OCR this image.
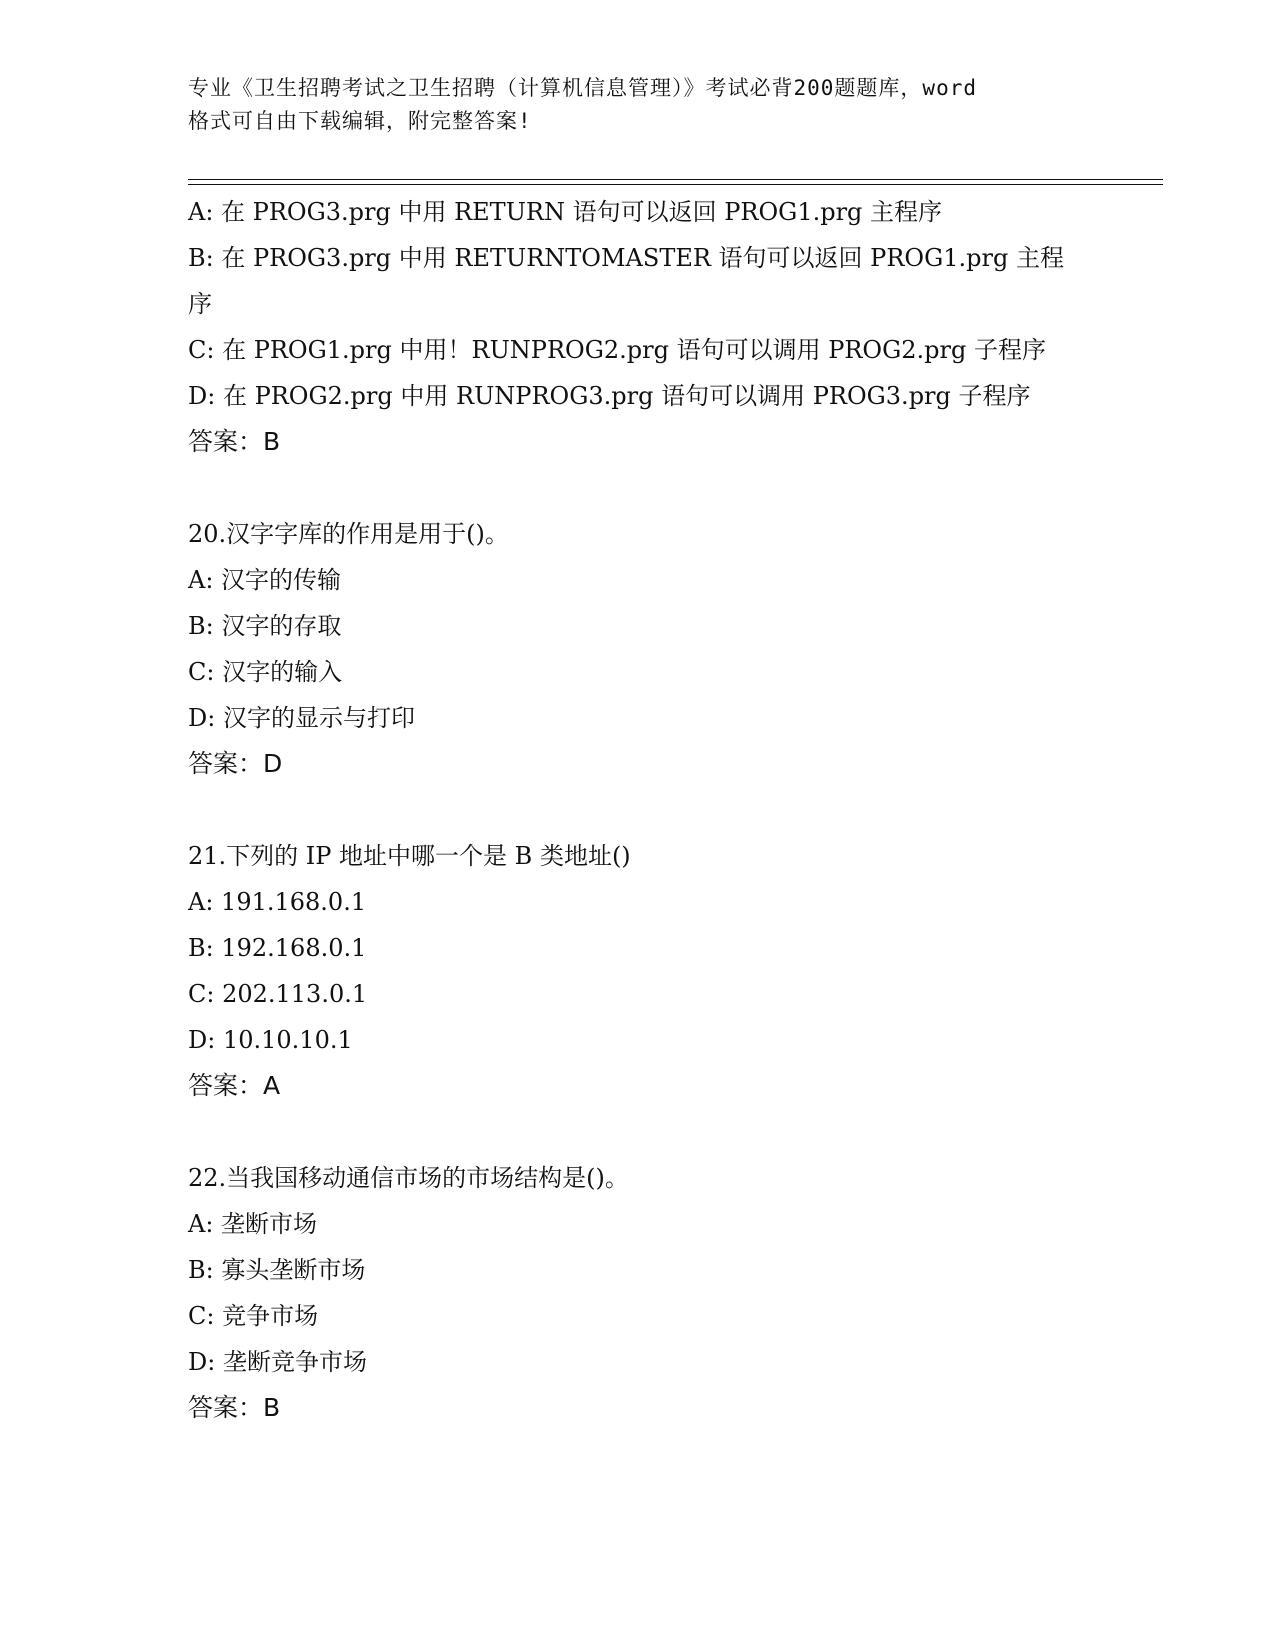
专业《卫生招聘考试之卫生招聘（计算机信息管理）》考试必背200题题库，word
格式可自由下载编辑，附完整答案!

A: 在 PROG3.prg 中用 RETURN 语句可以返回 PROG1.prg 主程序

B: 在 PROG3.prg 中用 RETURNTOMASTER 语句可以返回 PROG1.prg 主程序

C: 在 PROG1.prg 中用！RUNPROG2.prg 语句可以调用 PROG2.prg 子程序

D: 在 PROG2.prg 中用 RUNPROG3.prg 语句可以调用 PROG3.prg 子程序

答案：B

20.汉字字库的作用是用于()。

A: 汉字的传输

B: 汉字的存取

C: 汉字的输入

D: 汉字的显示与打印

答案：D

21.下列的 IP 地址中哪一个是 B 类地址()

A: 191.168.0.1

B: 192.168.0.1

C: 202.113.0.1

D: 10.10.10.1

答案：A

22.当我国移动通信市场的市场结构是()。

A: 垄断市场

B: 寡头垄断市场

C: 竞争市场

D: 垄断竞争市场

答案：B
